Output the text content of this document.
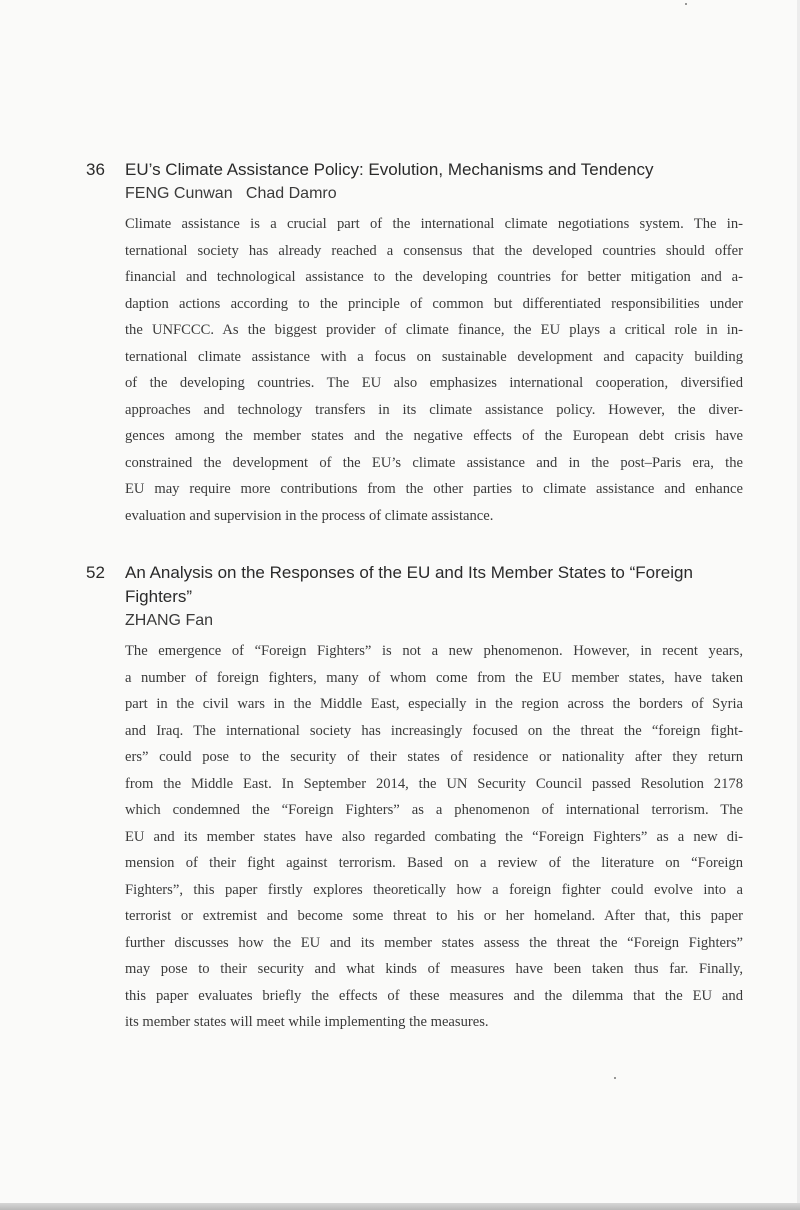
36	EU’s Climate Assistance Policy: Evolution, Mechanisms and Tendency
FENG Cunwan   Chad Damro
Climate assistance is a crucial part of the international climate negotiations system. The in-
ternational society has already reached a consensus that the developed countries should offer
financial and technological assistance to the developing countries for better mitigation and a-
daption actions according to the principle of common but differentiated responsibilities under
the UNFCCC. As the biggest provider of climate finance, the EU plays a critical role in in-
ternational climate assistance with a focus on sustainable development and capacity building
of the developing countries. The EU also emphasizes international cooperation, diversified
approaches and technology transfers in its climate assistance policy. However, the diver-
gences among the member states and the negative effects of the European debt crisis have
constrained the development of the EU’s climate assistance and in the post–Paris era, the
EU may require more contributions from the other parties to climate assistance and enhance
evaluation and supervision in the process of climate assistance.
52	An Analysis on the Responses of the EU and Its Member States to “Foreign
Fighters”
ZHANG Fan
The emergence of “Foreign Fighters” is not a new phenomenon. However, in recent years,
a number of foreign fighters, many of whom come from the EU member states, have taken
part in the civil wars in the Middle East, especially in the region across the borders of Syria
and Iraq. The international society has increasingly focused on the threat the “foreign fight-
ers” could pose to the security of their states of residence or nationality after they return
from the Middle East. In September 2014, the UN Security Council passed Resolution 2178
which condemned the “Foreign Fighters” as a phenomenon of international terrorism. The
EU and its member states have also regarded combating the “Foreign Fighters” as a new di-
mension of their fight against terrorism. Based on a review of the literature on “Foreign
Fighters”, this paper firstly explores theoretically how a foreign fighter could evolve into a
terrorist or extremist and become some threat to his or her homeland. After that, this paper
further discusses how the EU and its member states assess the threat the “Foreign Fighters”
may pose to their security and what kinds of measures have been taken thus far. Finally,
this paper evaluates briefly the effects of these measures and the dilemma that the EU and
its member states will meet while implementing the measures.
